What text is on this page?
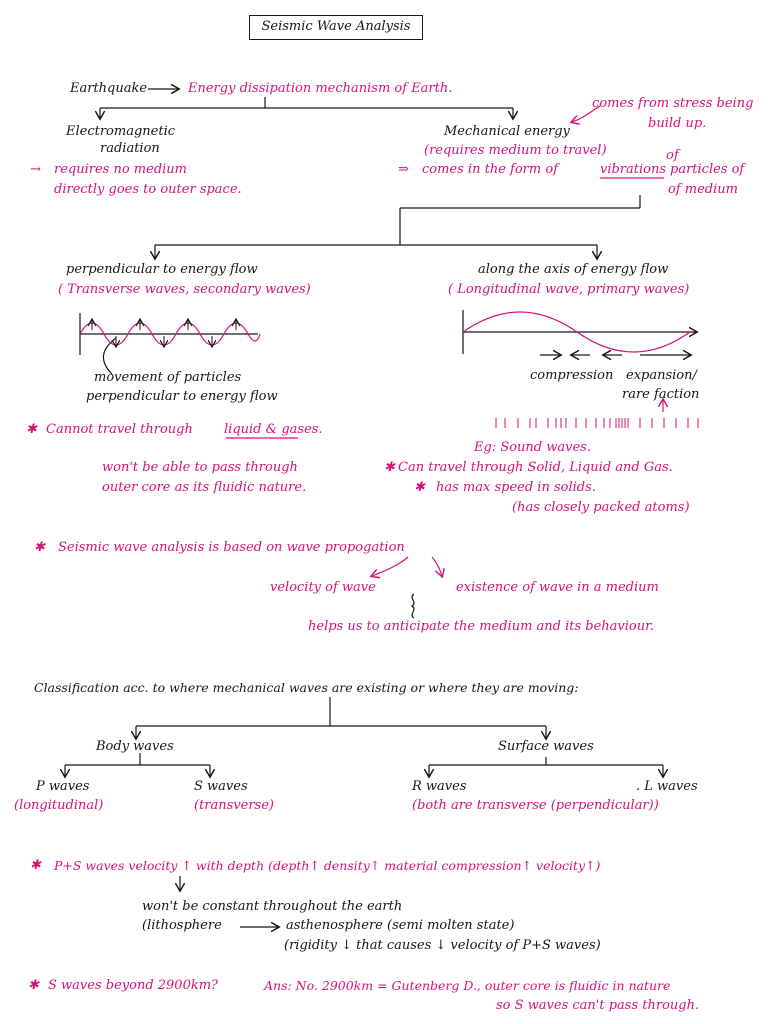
Seismic Wave Analysis
Earthquake	Energy dissipation mechanism of Earth.
Electromagnetic
radiation
→ requires no medium
directly goes to outer space.
comes from stress being
build up.
Mechanical energy
(requires medium to travel)	of
⇒ comes in the form of	vibrations particles of
of medium
perpendicular to energy flow
( Transverse waves, secondary waves)
movement of particles
perpendicular to energy flow
✱ Cannot travel through liquid & gases.
won't be able to pass through
outer core as its fluidic nature.
along the axis of energy flow
( Longitudinal wave, primary waves)
compression expansion/
rare faction
Eg: Sound waves.
✱ Can travel through Solid, Liquid and Gas.
✱ has max speed in solids.
(has closely packed atoms)
✱ Seismic wave analysis is based on wave propogation
velocity of wave	existence of wave in a medium
helps us to anticipate the medium and its behaviour.
Classification acc. to where mechanical waves are existing or where they are moving:
Body waves	Surface waves
P waves
(longitudinal)
S waves
(transverse)
R waves	. L waves
(both are transverse (perpendicular))
✱ P+S waves velocity ↑ with depth (depth↑ density↑ material compression↑ velocity↑)
won't be constant throughout the earth
(lithosphere	asthenosphere (semi molten state)
(rigidity ↓ that causes ↓ velocity of P+S waves)
✱ S waves beyond 2900km?	Ans: No. 2900km = Gutenberg D., outer core is fluidic in nature
so S waves can't pass through.
